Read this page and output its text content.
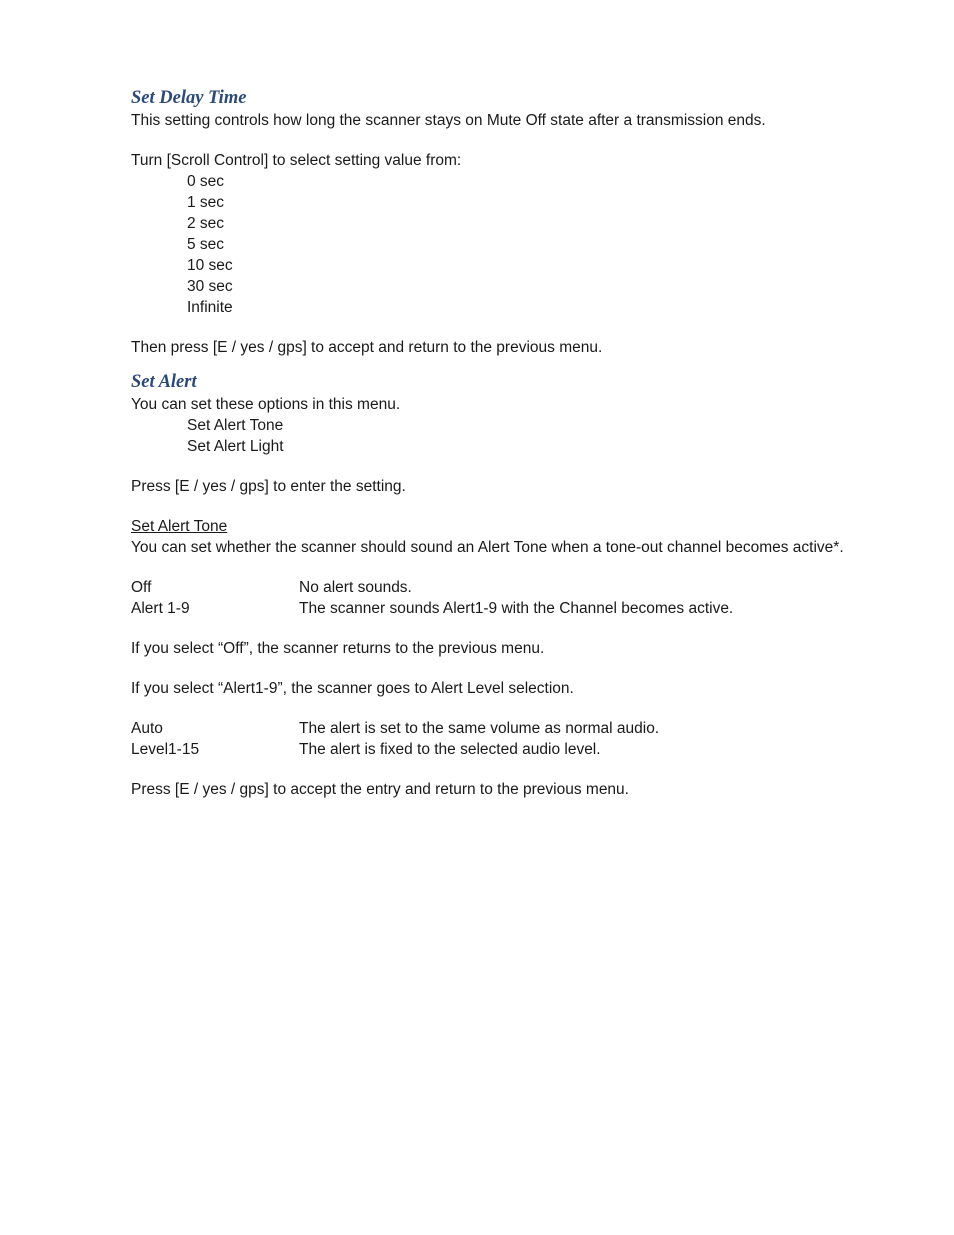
Set Delay Time

This setting controls how long the scanner stays on Mute Off state after a transmission ends.

Turn [Scroll Control] to select setting value from:

0 sec

1 sec

2 sec

5 sec

10 sec

30 sec

Infinite

Then press [E / yes / gps] to accept and return to the previous menu.

Set Alert

You can set these options in this menu.

Set Alert Tone

Set Alert Light

Press [E / yes / gps] to enter the setting.

Set Alert Tone

You can set whether the scanner should sound an Alert Tone when a tone-out channel becomes active*.

Off	No alert sounds.
Alert 1-9	The scanner sounds Alert1-9 with the Channel becomes active.

If you select “Off”, the scanner returns to the previous menu.

If you select “Alert1-9”, the scanner goes to Alert Level selection.

Auto	The alert is set to the same volume as normal audio.
Level1-15	The alert is fixed to the selected audio level.

Press [E / yes / gps] to accept the entry and return to the previous menu.
